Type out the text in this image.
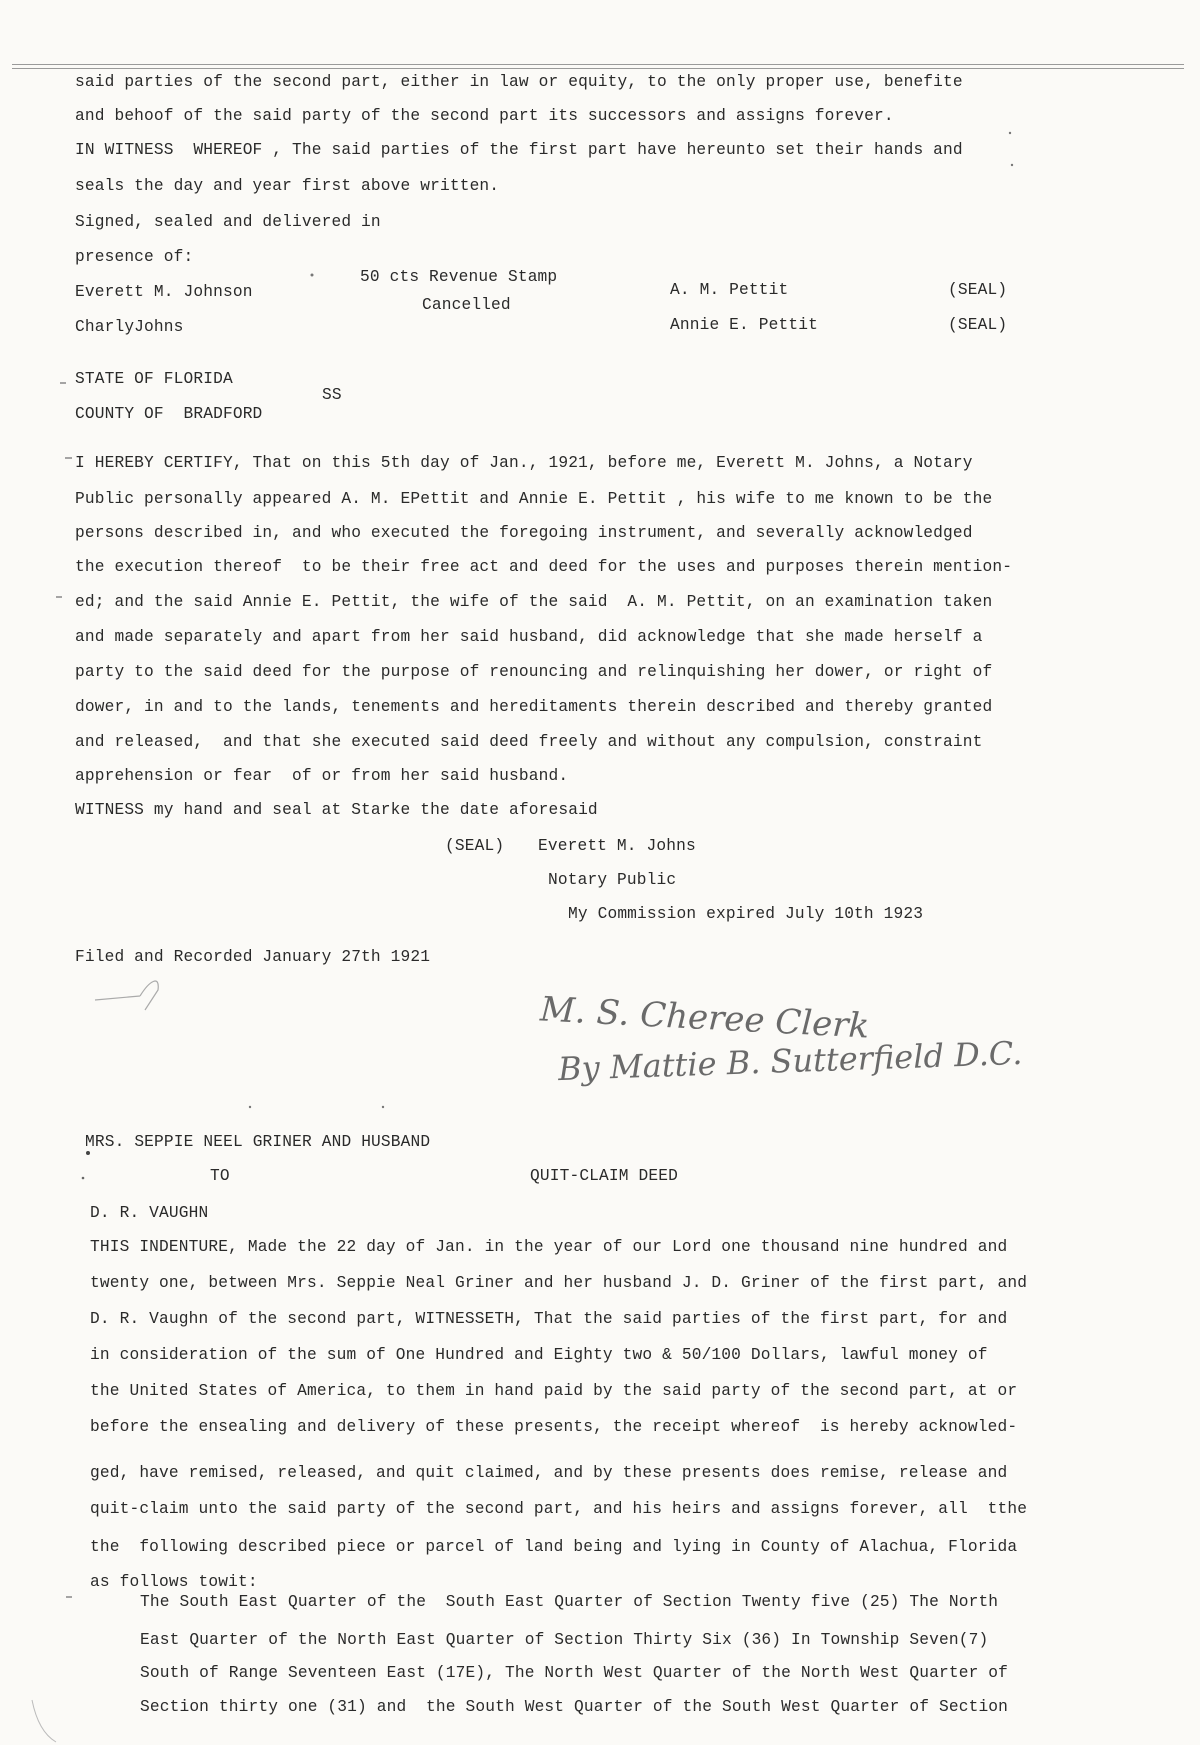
said parties of the second part, either in law or equity, to the only proper use, benefite
and behoof of the said party of the second part its successors and assigns forever.
IN WITNESS  WHEREOF , The said parties of the first part have hereunto set their hands and
seals the day and year first above written.
Signed, sealed and delivered in
presence of:
Everett M. Johnson
CharlyJohns
50 cts Revenue Stamp
Cancelled
A. M. Pettit
Annie E. Pettit
(SEAL)
(SEAL)
STATE OF FLORIDA
COUNTY OF  BRADFORD
SS
I HEREBY CERTIFY, That on this 5th day of Jan., 1921, before me, Everett M. Johns, a Notary
Public personally appeared A. M. EPettit and Annie E. Pettit , his wife to me known to be the
persons described in, and who executed the foregoing instrument, and severally acknowledged
the execution thereof  to be their free act and deed for the uses and purposes therein mention-
ed; and the said Annie E. Pettit, the wife of the said  A. M. Pettit, on an examination taken
and made separately and apart from her said husband, did acknowledge that she made herself a
party to the said deed for the purpose of renouncing and relinquishing her dower, or right of
dower, in and to the lands, tenements and hereditaments therein described and thereby granted
and released,  and that she executed said deed freely and without any compulsion, constraint
apprehension or fear  of or from her said husband.
WITNESS my hand and seal at Starke the date aforesaid
(SEAL) Everett M. Johns
Notary Public
My Commission expired July 10th 1923
Filed and Recorded January 27th 1921
M. S. Cheree Clerk
By Mattie B. Sutterfield D.C.
MRS. SEPPIE NEEL GRINER AND HUSBAND
TO	QUIT-CLAIM DEED
D. R. VAUGHN
THIS INDENTURE, Made the 22 day of Jan. in the year of our Lord one thousand nine hundred and
twenty one, between Mrs. Seppie Neal Griner and her husband J. D. Griner of the first part, and
D. R. Vaughn of the second part, WITNESSETH, That the said parties of the first part, for and
in consideration of the sum of One Hundred and Eighty two & 50/100 Dollars, lawful money of
the United States of America, to them in hand paid by the said party of the second part, at or
before the ensealing and delivery of these presents, the receipt whereof  is hereby acknowled-
ged, have remised, released, and quit claimed, and by these presents does remise, release and
quit-claim unto the said party of the second part, and his heirs and assigns forever, all  tthe
the  following described piece or parcel of land being and lying in County of Alachua, Florida
as follows towit:
The South East Quarter of the  South East Quarter of Section Twenty five (25) The North
East Quarter of the North East Quarter of Section Thirty Six (36) In Township Seven(7)
South of Range Seventeen East (17E), The North West Quarter of the North West Quarter of
Section thirty one (31) and  the South West Quarter of the South West Quarter of Section
